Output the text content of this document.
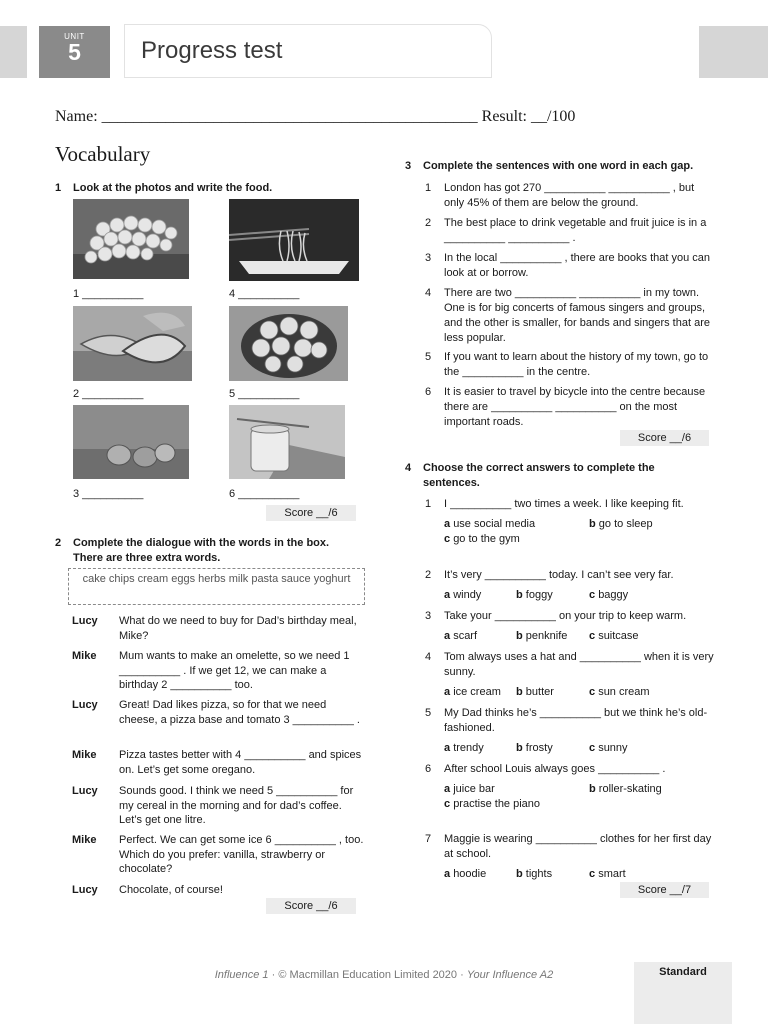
UNIT
5	Progress test
Name: _______________________________________________ Result: __/100
Vocabulary
1	Look at the photos and write the food.
1 __________
2 __________
3 __________
4 __________
5 __________
6 __________
Score __/6
2	Complete the dialogue with the words in the box. There are three extra words.
cake chips cream eggs herbs milk pasta sauce yoghurt
Lucy	What do we need to buy for Dad’s birthday meal, Mike?
Mike	Mum wants to make an omelette, so we need 1 __________ . If we get 12, we can make a birthday 2 __________ too.
Lucy	Great! Dad likes pizza, so for that we need cheese, a pizza base and tomato 3 __________ .
Mike	Pizza tastes better with 4 __________ and spices on. Let’s get some oregano.
Lucy	Sounds good. I think we need 5 __________ for my cereal in the morning and for dad’s coffee. Let’s get one litre.
Mike	Perfect. We can get some ice 6 __________ , too. Which do you prefer: vanilla, strawberry or chocolate?
Lucy	Chocolate, of course!
Score __/6
3	Complete the sentences with one word in each gap.
1	London has got 270 __________ __________ , but only 45% of them are below the ground.
2	The best place to drink vegetable and fruit juice is in a __________ __________ .
3	In the local __________ , there are books that you can look at or borrow.
4	There are two __________ __________ in my town. One is for big concerts of famous singers and groups, and the other is smaller, for bands and singers that are less popular.
5	If you want to learn about the history of my town, go to the __________ in the centre.
6	It is easier to travel by bicycle into the centre because there are __________ __________ on the most important roads.
Score __/6
4	Choose the correct answers to complete the sentences.
1	I __________ two times a week. I like keeping fit.
a use social media	b go to sleep
c go to the gym
2	It’s very __________ today. I can’t see very far.
a windy	b foggy	c baggy
3	Take your __________ on your trip to keep warm.
a scarf	b penknife c suitcase
4	Tom always uses a hat and __________ when it is very sunny.
a ice cream b butter	c sun cream
5	My Dad thinks he’s __________ but we think he’s old-fashioned.
a trendy	b frosty	c sunny
6	After school Louis always goes __________ .
a juice bar	b roller-skating
c practise the piano
7	Maggie is wearing __________ clothes for her first day at school.
a hoodie	b tights	c smart
Score __/7
Influence 1 · © Macmillan Education Limited 2020 · Your Influence A2	Standard
